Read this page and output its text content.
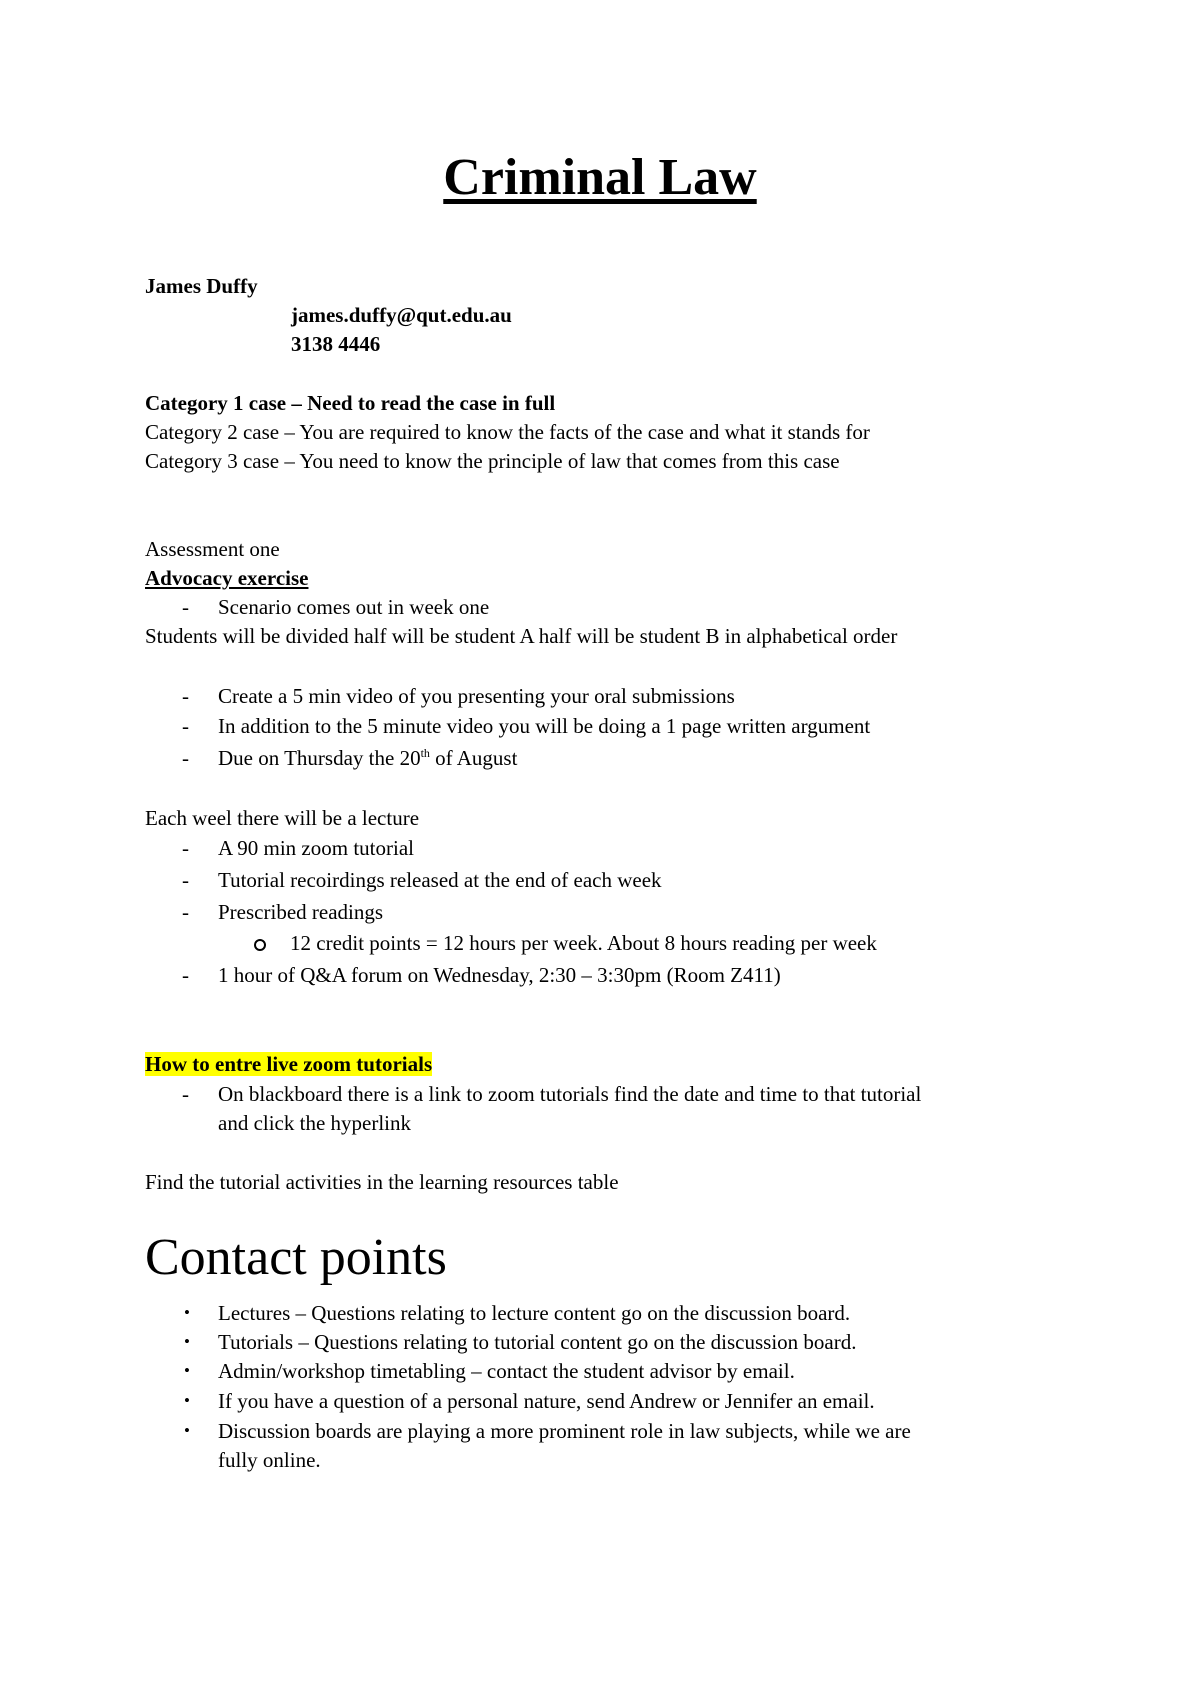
Criminal Law
James Duffy
james.duffy@qut.edu.au
3138 4446
Category 1 case – Need to read the case in full
Category 2 case – You are required to know the facts of the case and what it stands for
Category 3 case – You need to know the principle of law that comes from this case
Assessment one
Advocacy exercise
- Scenario comes out in week one
Students will be divided half will be student A half will be student B in alphabetical order
- Create a 5 min video of you presenting your oral submissions
- In addition to the 5 minute video you will be doing a 1 page written argument
- Due on Thursday the 20th of August
Each weel there will be a lecture
- A 90 min zoom tutorial
- Tutorial recoirdings released at the end of each week
- Prescribed readings
12 credit points = 12 hours per week. About 8 hours reading per week
- 1 hour of Q&A forum on Wednesday, 2:30 – 3:30pm (Room Z411)
How to entre live zoom tutorials
- On blackboard there is a link to zoom tutorials find the date and time to that tutorial
and click the hyperlink
Find the tutorial activities in the learning resources table
Contact points
• Lectures – Questions relating to lecture content go on the discussion board.
• Tutorials – Questions relating to tutorial content go on the discussion board.
• Admin/workshop timetabling – contact the student advisor by email.
• If you have a question of a personal nature, send Andrew or Jennifer an email.
• Discussion boards are playing a more prominent role in law subjects, while we are
fully online.
